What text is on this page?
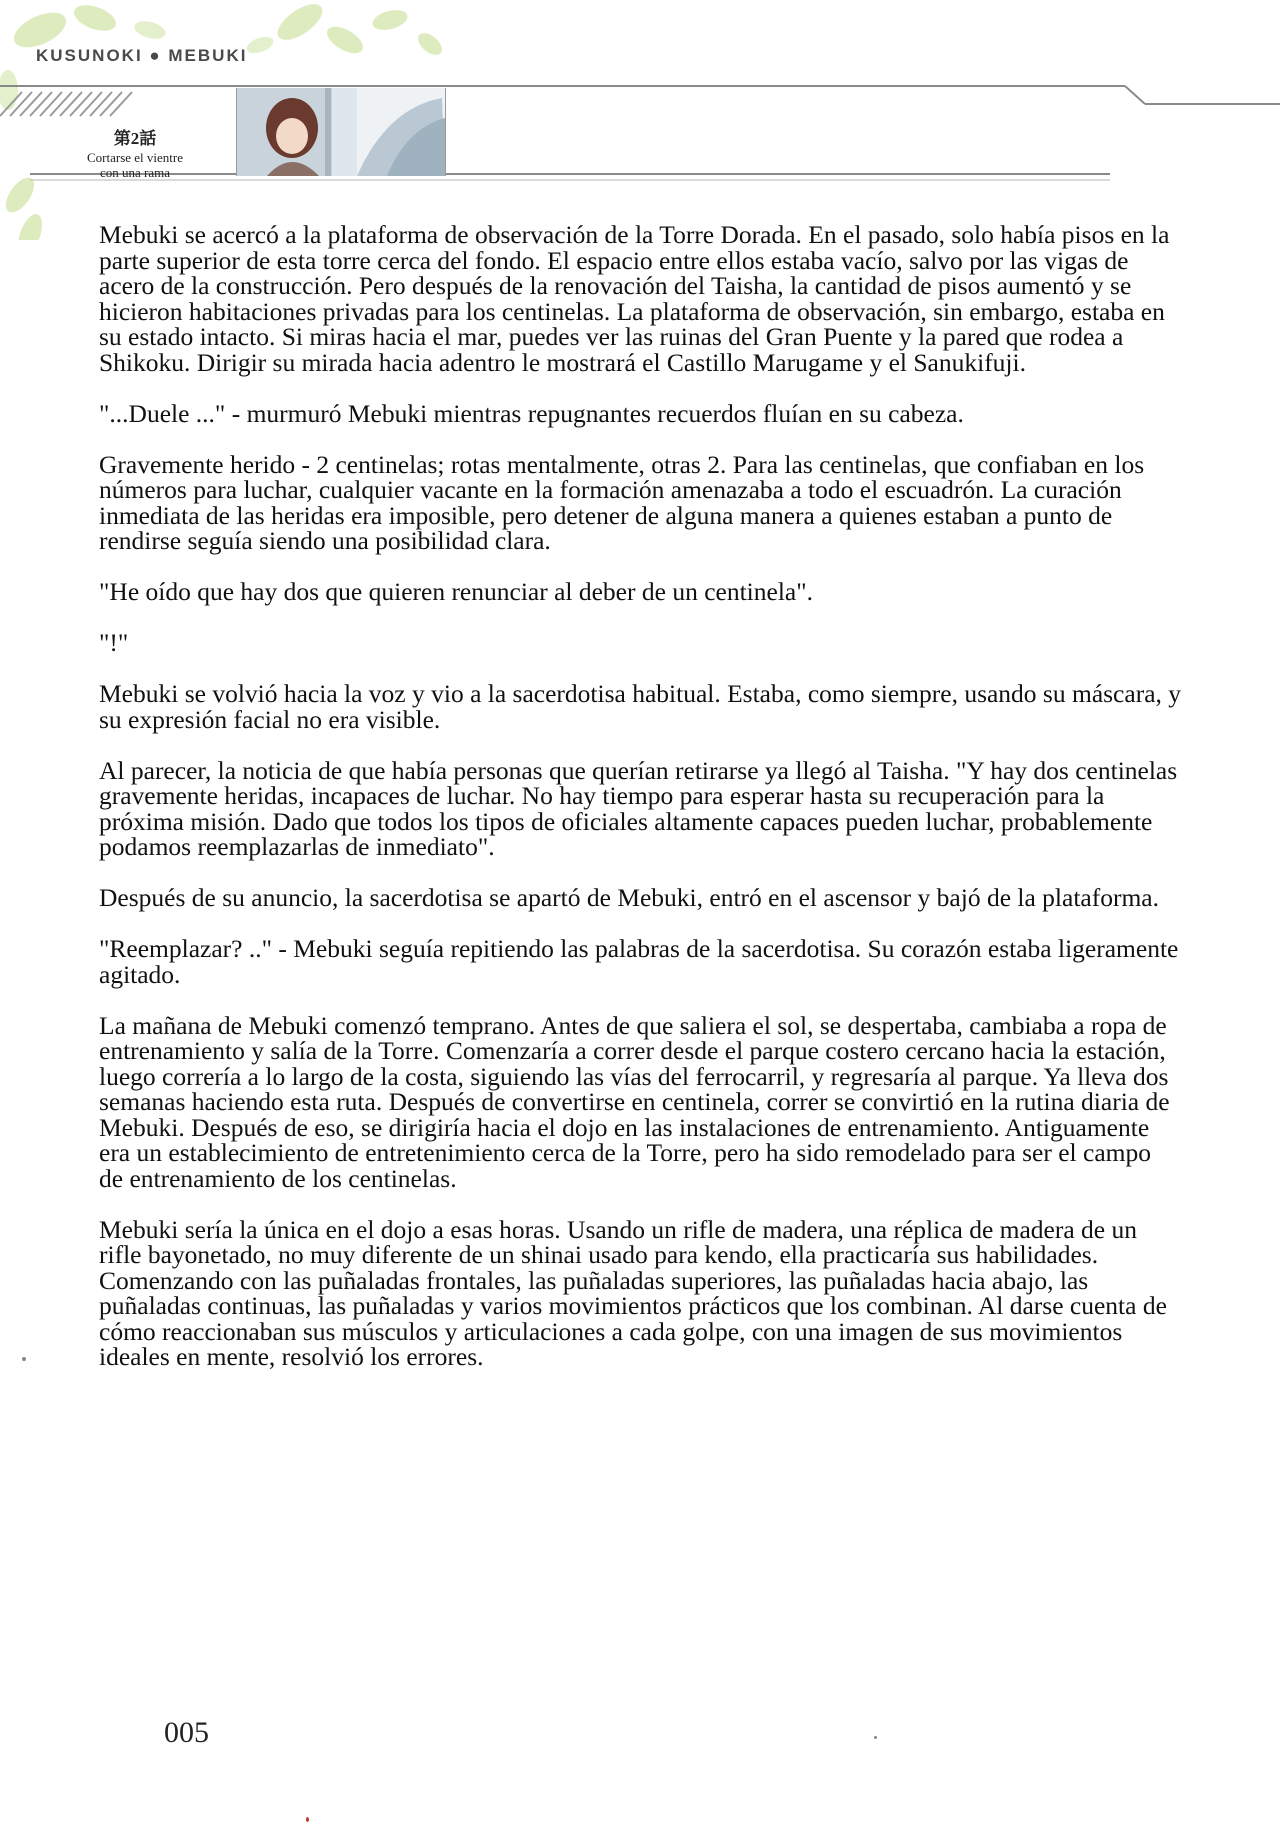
KUSUNOKI ● MEBUKI
第2話
Cortarse el vientre
con una rama

Mebuki se acercó a la plataforma de observación de la Torre Dorada. En el pasado, solo había pisos en la parte superior de esta torre cerca del fondo. El espacio entre ellos estaba vacío, salvo por las vigas de acero de la construcción. Pero después de la renovación del Taisha, la cantidad de pisos aumentó y se hicieron habitaciones privadas para los centinelas. La plataforma de observación, sin embargo, estaba en su estado intacto. Si miras hacia el mar, puedes ver las ruinas del Gran Puente y la pared que rodea a Shikoku. Dirigir su mirada hacia adentro le mostrará el Castillo Marugame y el Sanukifuji.

"...Duele ..." - murmuró Mebuki mientras repugnantes recuerdos fluían en su cabeza.

Gravemente herido - 2 centinelas; rotas mentalmente, otras 2. Para las centinelas, que confiaban en los números para luchar, cualquier vacante en la formación amenazaba a todo el escuadrón. La curación inmediata de las heridas era imposible, pero detener de alguna manera a quienes estaban a punto de rendirse seguía siendo una posibilidad clara.

"He oído que hay dos que quieren renunciar al deber de un centinela".

"!"

Mebuki se volvió hacia la voz y vio a la sacerdotisa habitual. Estaba, como siempre, usando su máscara, y su expresión facial no era visible.

Al parecer, la noticia de que había personas que querían retirarse ya llegó al Taisha. "Y hay dos centinelas gravemente heridas, incapaces de luchar. No hay tiempo para esperar hasta su recuperación para la próxima misión. Dado que todos los tipos de oficiales altamente capaces pueden luchar, probablemente podamos reemplazarlas de inmediato".

Después de su anuncio, la sacerdotisa se apartó de Mebuki, entró en el ascensor y bajó de la plataforma.

"Reemplazar? .." - Mebuki seguía repitiendo las palabras de la sacerdotisa. Su corazón estaba ligeramente agitado.

La mañana de Mebuki comenzó temprano. Antes de que saliera el sol, se despertaba, cambiaba a ropa de entrenamiento y salía de la Torre. Comenzaría a correr desde el parque costero cercano hacia la estación, luego correría a lo largo de la costa, siguiendo las vías del ferrocarril, y regresaría al parque. Ya lleva dos semanas haciendo esta ruta. Después de convertirse en centinela, correr se convirtió en la rutina diaria de Mebuki. Después de eso, se dirigiría hacia el dojo en las instalaciones de entrenamiento. Antiguamente era un establecimiento de entretenimiento cerca de la Torre, pero ha sido remodelado para ser el campo de entrenamiento de los centinelas.

Mebuki sería la única en el dojo a esas horas. Usando un rifle de madera, una réplica de madera de un rifle bayonetado, no muy diferente de un shinai usado para kendo, ella practicaría sus habilidades. Comenzando con las puñaladas frontales, las puñaladas superiores, las puñaladas hacia abajo, las puñaladas continuas, las puñaladas y varios movimientos prácticos que los combinan. Al darse cuenta de cómo reaccionaban sus músculos y articulaciones a cada golpe, con una imagen de sus movimientos ideales en mente, resolvió los errores.

005
